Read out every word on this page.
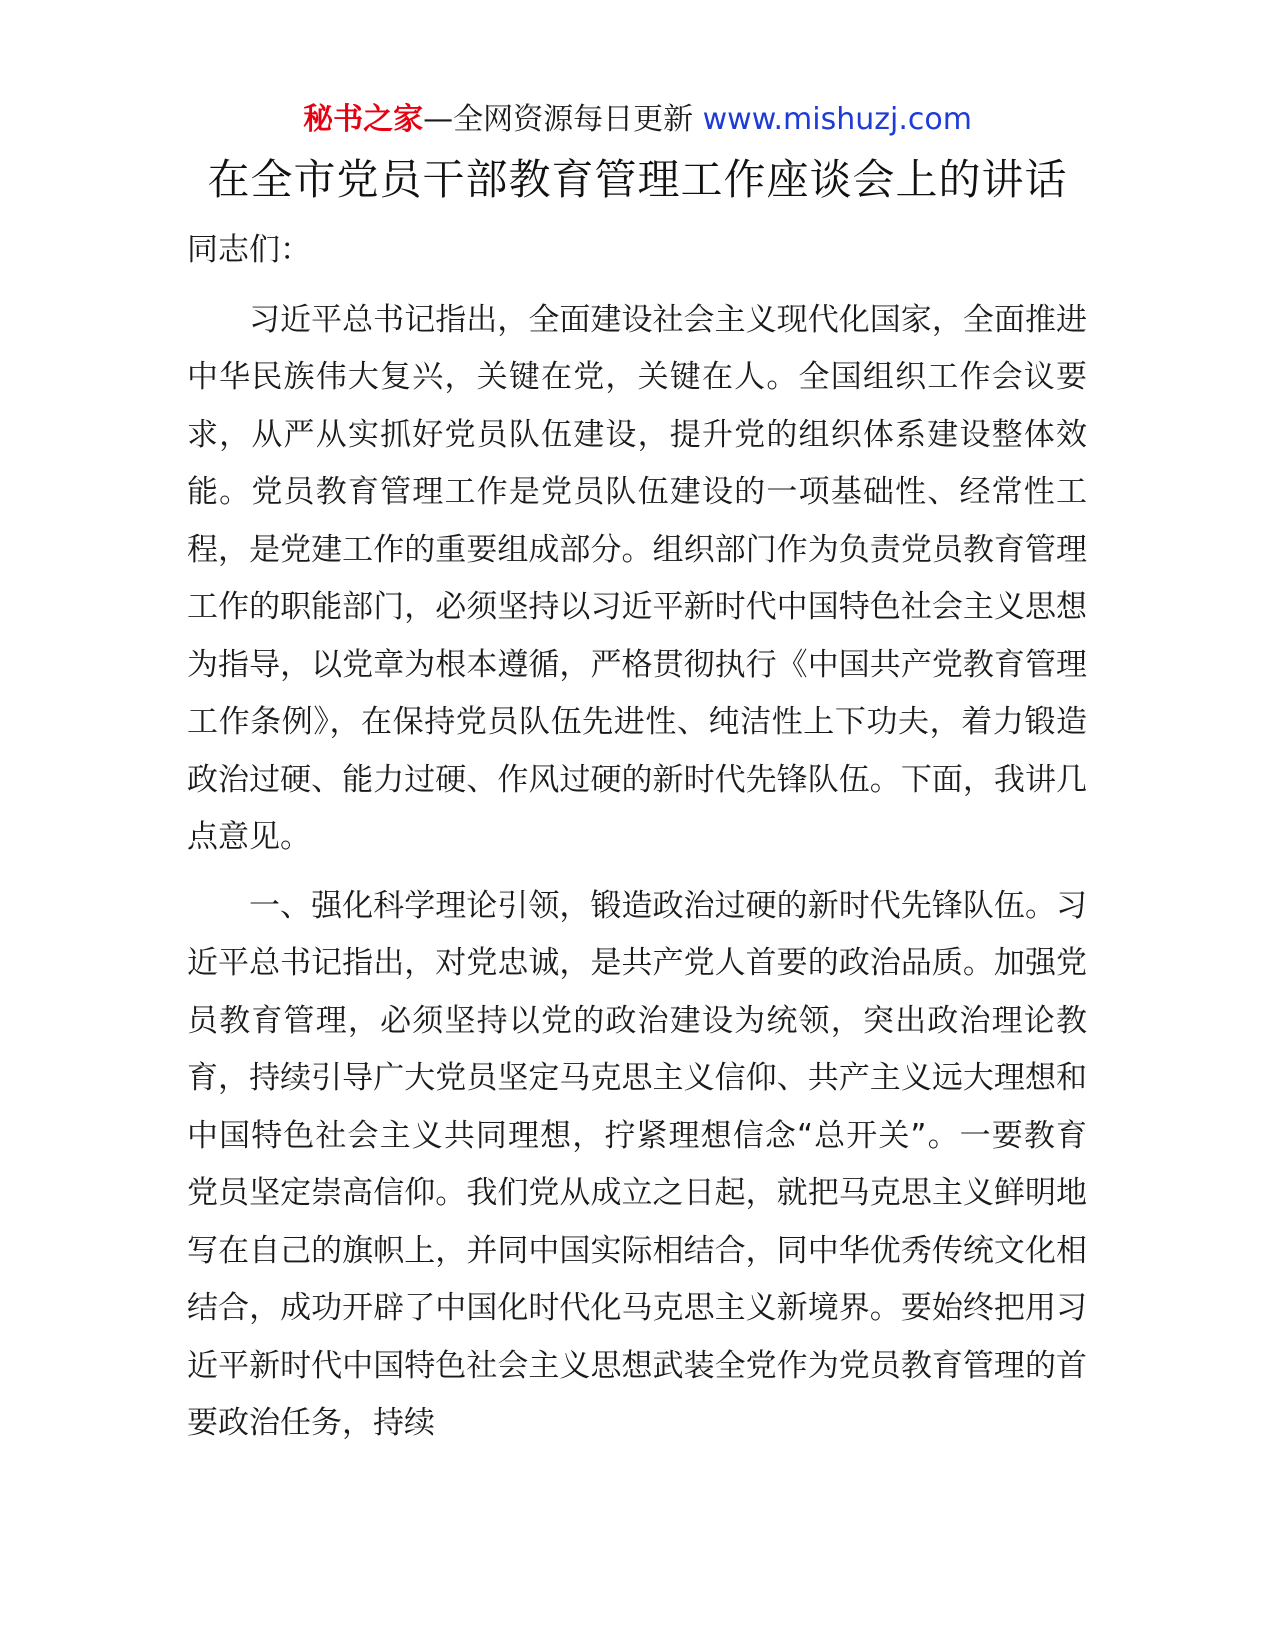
秘书之家—全网资源每日更新 www.mishuzj.com
在全市党员干部教育管理工作座谈会上的讲话

同志们：

习近平总书记指出，全面建设社会主义现代化国家，全面推进中华民族伟大复兴，关键在党，关键在人。全国组织工作会议要求，从严从实抓好党员队伍建设，提升党的组织体系建设整体效能。党员教育管理工作是党员队伍建设的一项基础性、经常性工程，是党建工作的重要组成部分。组织部门作为负责党员教育管理工作的职能部门，必须坚持以习近平新时代中国特色社会主义思想为指导，以党章为根本遵循，严格贯彻执行《中国共产党教育管理工作条例》，在保持党员队伍先进性、纯洁性上下功夫，着力锻造政治过硬、能力过硬、作风过硬的新时代先锋队伍。下面，我讲几点意见。

一、强化科学理论引领，锻造政治过硬的新时代先锋队伍。习近平总书记指出，对党忠诚，是共产党人首要的政治品质。加强党员教育管理，必须坚持以党的政治建设为统领，突出政治理论教育，持续引导广大党员坚定马克思主义信仰、共产主义远大理想和中国特色社会主义共同理想，拧紧理想信念“总开关”。一要教育党员坚定崇高信仰。我们党从成立之日起，就把马克思主义鲜明地写在自己的旗帜上，并同中国实际相结合，同中华优秀传统文化相结合，成功开辟了中国化时代化马克思主义新境界。要始终把用习近平新时代中国特色社会主义思想武装全党作为党员教育管理的首要政治任务，持续
